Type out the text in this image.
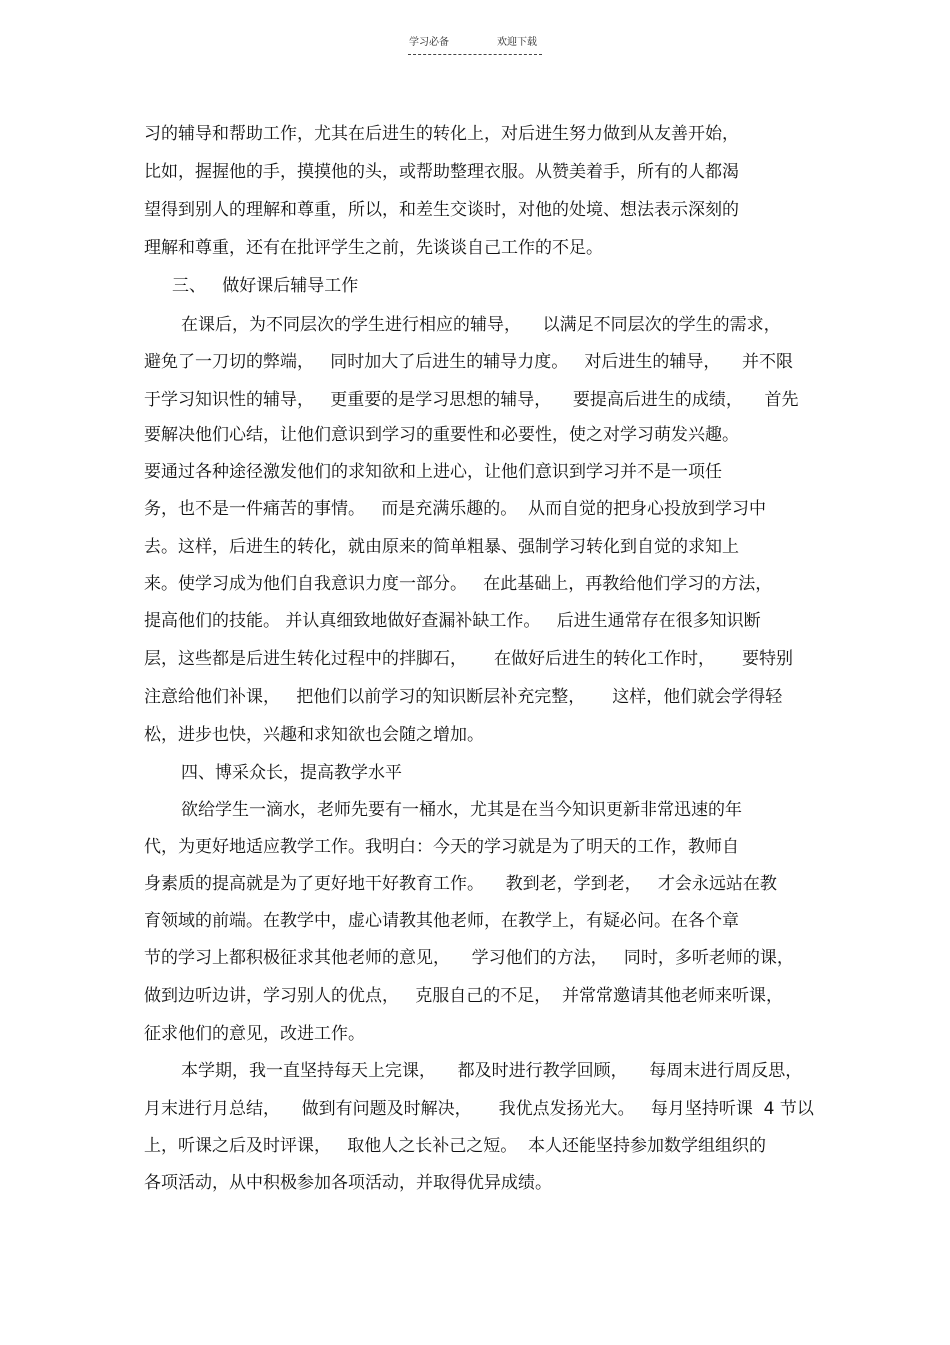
学习必备	欢迎下载
习的辅导和帮助工作，尤其在后进生的转化上，对后进生努力做到从友善开始，
比如，握握他的手，摸摸他的头，或帮助整理衣服。从赞美着手，所有的人都渴
望得到别人的理解和尊重，所以，和差生交谈时，对他的处境、想法表示深刻的
理解和尊重，还有在批评学生之前，先谈谈自己工作的不足。
三、   做好课后辅导工作
在课后，为不同层次的学生进行相应的辅导，    以满足不同层次的学生的需求，
避免了一刀切的弊端，   同时加大了后进生的辅导力度。   对后进生的辅导，    并不限
于学习知识性的辅导，   更重要的是学习思想的辅导，    要提高后进生的成绩，    首先
要解决他们心结，让他们意识到学习的重要性和必要性，使之对学习萌发兴趣。
要通过各种途径激发他们的求知欲和上进心，让他们意识到学习并不是一项任
务，也不是一件痛苦的事情。   而是充满乐趣的。  从而自觉的把身心投放到学习中
去。这样，后进生的转化，就由原来的简单粗暴、强制学习转化到自觉的求知上
来。使学习成为他们自我意识力度一部分。   在此基础上，再教给他们学习的方法，
提高他们的技能。 并认真细致地做好查漏补缺工作。   后进生通常存在很多知识断
层，这些都是后进生转化过程中的拌脚石，     在做好后进生的转化工作时，     要特别
注意给他们补课，   把他们以前学习的知识断层补充完整，     这样，他们就会学得轻
松，进步也快，兴趣和求知欲也会随之增加。
四、博采众长，提高教学水平
欲给学生一滴水，老师先要有一桶水，尤其是在当今知识更新非常迅速的年
代，为更好地适应教学工作。我明白：今天的学习就是为了明天的工作，教师自
身素质的提高就是为了更好地干好教育工作。    教到老，学到老，   才会永远站在教
育领域的前端。在教学中，虚心请教其他老师，在教学上，有疑必问。在各个章
节的学习上都积极征求其他老师的意见，    学习他们的方法，   同时，多听老师的课，
做到边听边讲，学习别人的优点，   克服自己的不足，  并常常邀请其他老师来听课，
征求他们的意见，改进工作。
本学期，我一直坚持每天上完课，    都及时进行教学回顾，    每周末进行周反思，
月末进行月总结，    做到有问题及时解决，     我优点发扬光大。   每月坚持听课  4 节以
上，听课之后及时评课，   取他人之长补己之短。  本人还能坚持参加数学组组织的
各项活动，从中积极参加各项活动，并取得优异成绩。
